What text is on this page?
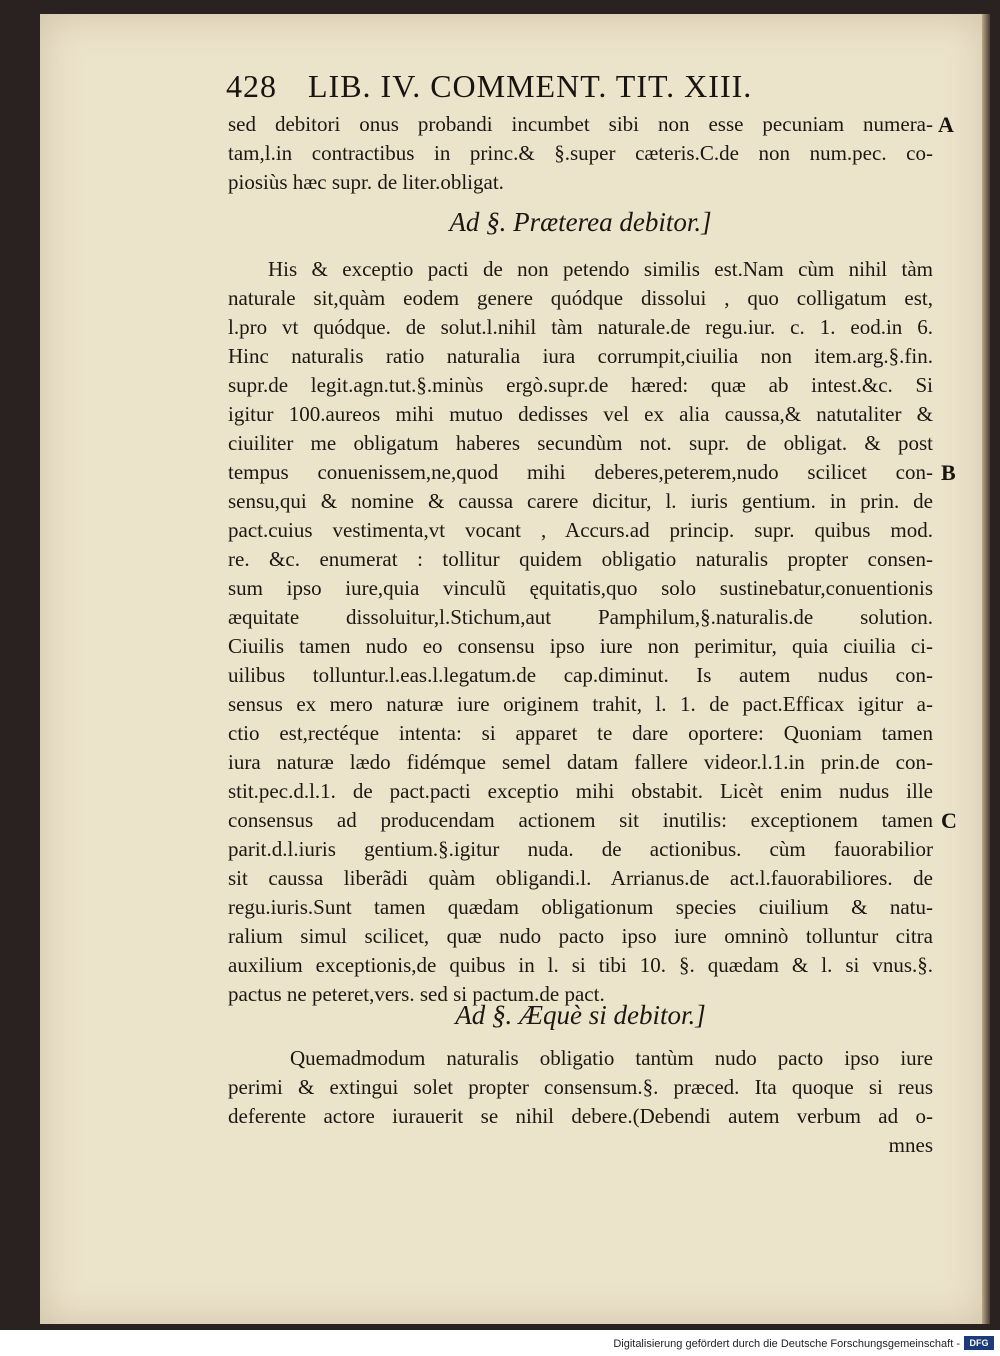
428 LIB. IV. COMMENT. TIT. XIII.
sed debitori onus probandi incumbet sibi non esse pecuniam numera-
tam,l.in contractibus in princ.& §.super cæteris.C.de non num.pec. co-
piosiùs hæc supr. de liter.obligat.
Ad §. Præterea debitor.]
His & exceptio pacti de non petendo similis est.Nam cùm nihil tàm
naturale sit,quàm eodem genere quódque dissolui , quo colligatum est,
l.pro vt quódque. de solut.l.nihil tàm naturale.de regu.iur. c. 1. eod.in 6.
Hinc naturalis ratio naturalia iura corrumpit,ciuilia non item.arg.§.fin.
supr.de legit.agn.tut.§.minùs ergò.supr.de hæred: quæ ab intest.&c. Si
igitur 100.aureos mihi mutuo dedisses vel ex alia caussa,& natutaliter &
ciuiliter me obligatum haberes secundùm not. supr. de obligat. & post
tempus conuenissem,ne,quod mihi deberes,peterem,nudo scilicet con-
sensu,qui & nomine & caussa carere dicitur, l. iuris gentium. in prin. de
pact.cuius vestimenta,vt vocant , Accurs.ad princip. supr. quibus mod.
re. &c. enumerat : tollitur quidem obligatio naturalis propter consen-
sum ipso iure,quia vinculũ ęquitatis,quo solo sustinebatur,conuentionis
æquitate dissoluitur,l.Stichum,aut Pamphilum,§.naturalis.de solution.
Ciuilis tamen nudo eo consensu ipso iure non perimitur, quia ciuilia ci-
uilibus tolluntur.l.eas.l.legatum.de cap.diminut. Is autem nudus con-
sensus ex mero naturæ iure originem trahit, l. 1. de pact.Efficax igitur a-
ctio est,rectéque intenta: si apparet te dare oportere: Quoniam tamen
iura naturæ lædo fidémque semel datam fallere videor.l.1.in prin.de con-
stit.pec.d.l.1. de pact.pacti exceptio mihi obstabit. Licèt enim nudus ille
consensus ad producendam actionem sit inutilis: exceptionem tamen
parit.d.l.iuris gentium.§.igitur nuda. de actionibus. cùm fauorabilior
sit caussa liberãdi quàm obligandi.l. Arrianus.de act.l.fauorabiliores. de
regu.iuris.Sunt tamen quædam obligationum species ciuilium & natu-
ralium simul scilicet, quæ nudo pacto ipso iure omninò tolluntur citra
auxilium exceptionis,de quibus in l. si tibi 10. §. quædam & l. si vnus.§.
pactus ne peteret,vers. sed si pactum.de pact.
Ad §. Æquè si debitor.]
Quemadmodum naturalis obligatio tantùm nudo pacto ipso iure
perimi & extingui solet propter consensum.§. præced. Ita quoque si reus
deferente actore iurauerit se nihil debere.(Debendi autem verbum ad o-
mnes
A
B
C
Digitalisierung gefördert durch die Deutsche Forschungsgemeinschaft -	DFG
